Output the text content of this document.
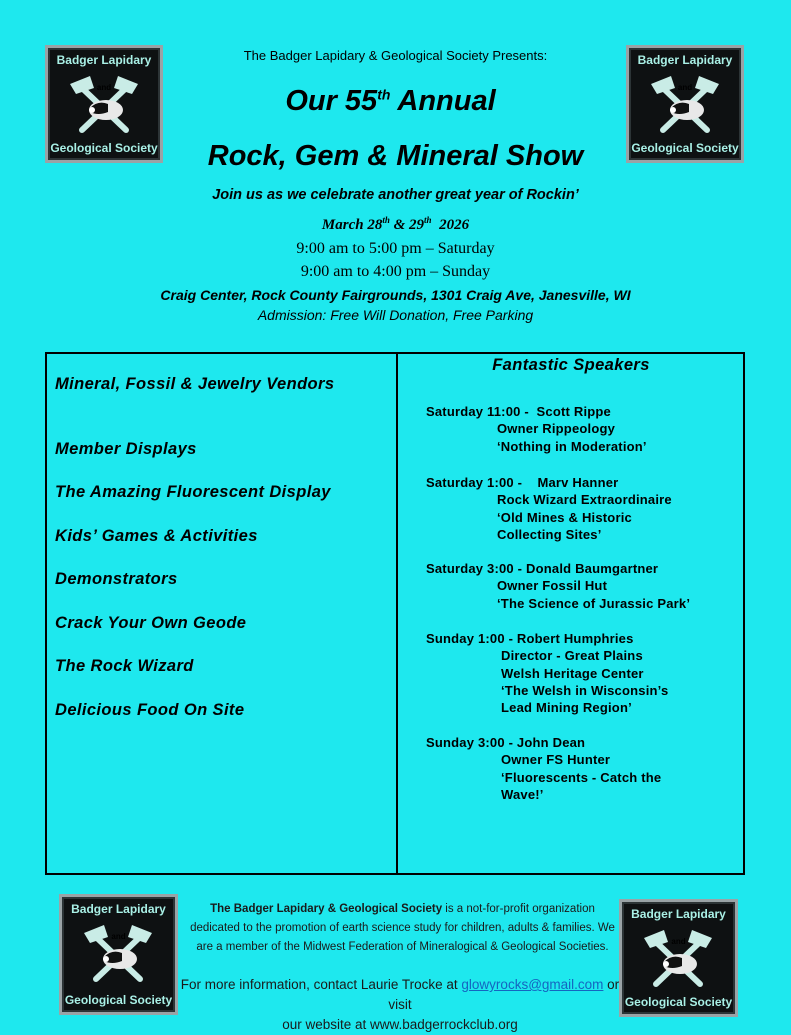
Badger Lapidary
and
Geological Society
Badger Lapidary
and
Geological Society
Badger Lapidary
and
Geological Society
Badger Lapidary
and
Geological Society
The Badger Lapidary & Geological Society Presents:
Our 55th Annual
Rock, Gem & Mineral Show
Join us as we celebrate another great year of Rockin’
March 28th & 29th  2026
9:00 am to 5:00 pm – Saturday
9:00 am to 4:00 pm – Sunday
Craig Center, Rock County Fairgrounds, 1301 Craig Ave, Janesville, WI
Admission: Free Will Donation, Free Parking
Mineral, Fossil & Jewelry Vendors
Member Displays
The Amazing Fluorescent Display
Kids’ Games & Activities
Demonstrators
Crack Your Own Geode
The Rock Wizard
Delicious Food On Site
Fantastic Speakers
Saturday 11:00 -  Scott Rippe
Owner Rippeology
‘Nothing in Moderation’
Saturday 1:00 -    Marv Hanner
Rock Wizard Extraordinaire
‘Old Mines & Historic
Collecting Sites’
Saturday 3:00 - Donald Baumgartner
Owner Fossil Hut
‘The Science of Jurassic Park’
Sunday 1:00 - Robert Humphries
Director - Great Plains
Welsh Heritage Center
‘The Welsh in Wisconsin’s
Lead Mining Region’
Sunday 3:00 - John Dean
Owner FS Hunter
‘Fluorescents - Catch the
Wave!’
The Badger Lapidary & Geological Society is a not-for-profit organization dedicated to the promotion of earth science study for children, adults & families. We are a member of the Midwest Federation of Mineralogical & Geological Societies.
For more information, contact Laurie Trocke at glowyrocks@gmail.com or visit
our website at www.badgerrockclub.org
